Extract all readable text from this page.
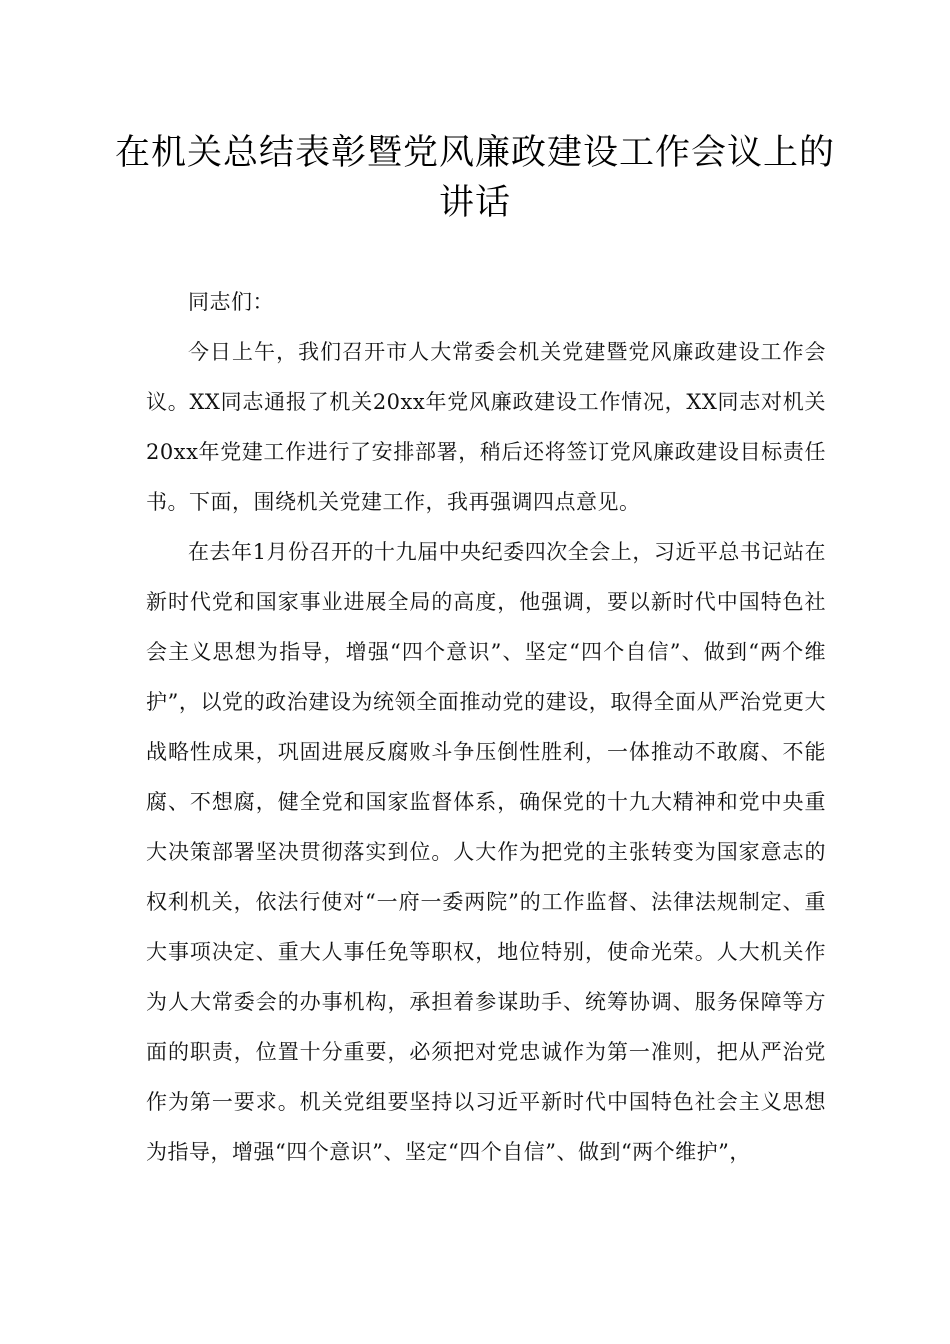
在机关总结表彰暨党风廉政建设工作会议上的讲话

同志们：

今日上午，我们召开市人大常委会机关党建暨党风廉政建设工作会议。XX同志通报了机关20xx年党风廉政建设工作情况，XX同志对机关20xx年党建工作进行了安排部署，稍后还将签订党风廉政建设目标责任书。下面，围绕机关党建工作，我再强调四点意见。

在去年1月份召开的十九届中央纪委四次全会上，习近平总书记站在新时代党和国家事业进展全局的高度，他强调，要以新时代中国特色社会主义思想为指导，增强“四个意识”、坚定“四个自信”、做到“两个维护”，以党的政治建设为统领全面推动党的建设，取得全面从严治党更大战略性成果，巩固进展反腐败斗争压倒性胜利，一体推动不敢腐、不能腐、不想腐，健全党和国家监督体系，确保党的十九大精神和党中央重大决策部署坚决贯彻落实到位。人大作为把党的主张转变为国家意志的权利机关，依法行使对“一府一委两院”的工作监督、法律法规制定、重大事项决定、重大人事任免等职权，地位特别，使命光荣。人大机关作为人大常委会的办事机构，承担着参谋助手、统筹协调、服务保障等方面的职责，位置十分重要，必须把对党忠诚作为第一准则，把从严治党作为第一要求。机关党组要坚持以习近平新时代中国特色社会主义思想为指导，增强“四个意识”、坚定“四个自信”、做到“两个维护”，
